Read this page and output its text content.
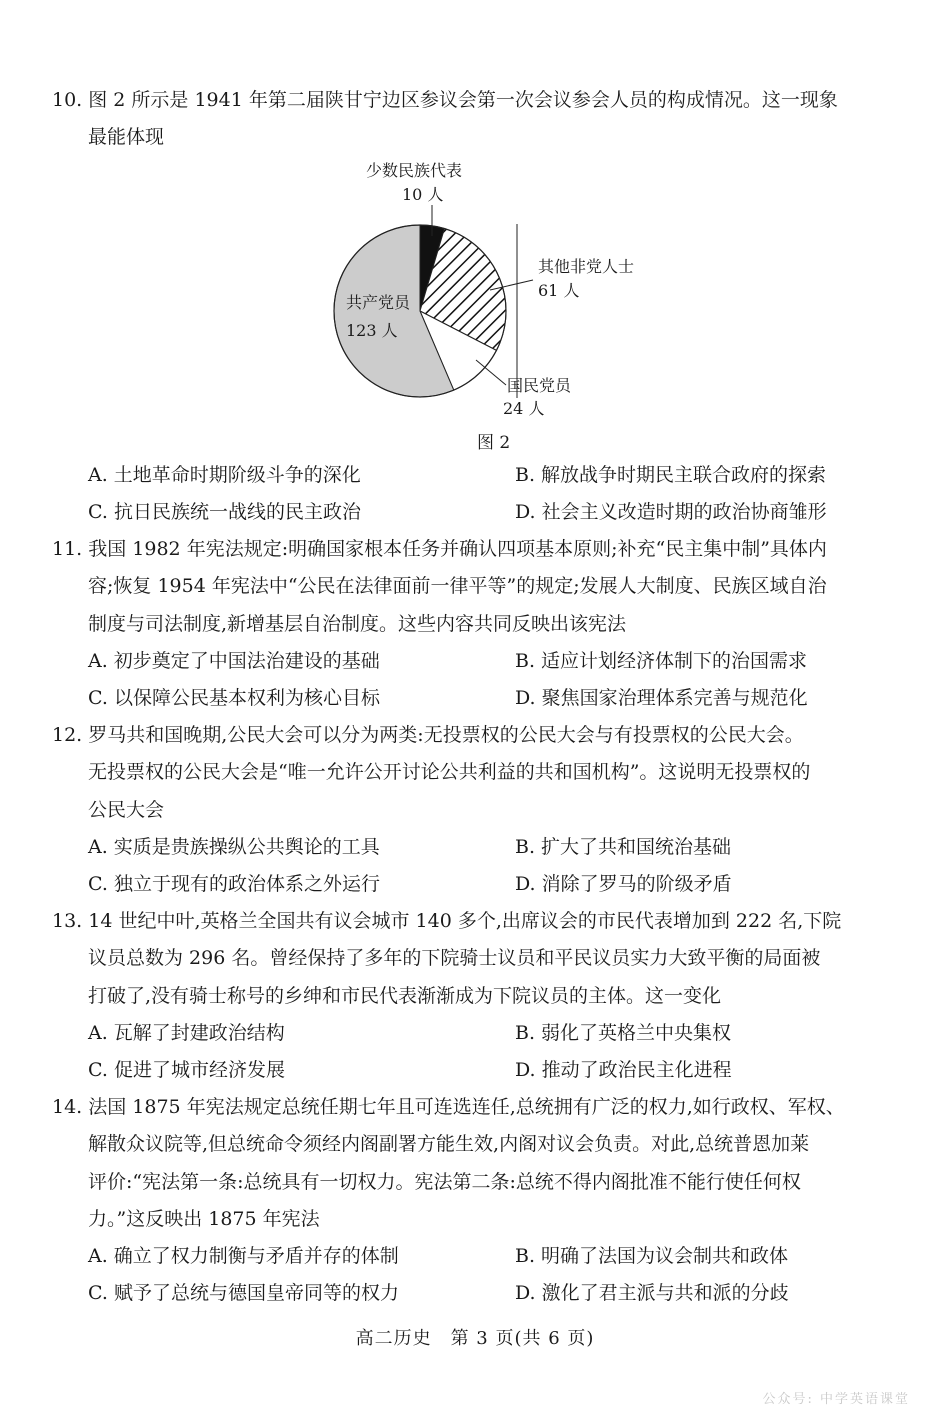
10. 图 2 所示是 1941 年第二届陕甘宁边区参议会第一次会议参会人员的构成情况。这一现象
最能体现
少数民族代表
10 人
其他非党人士
61 人
国民党员
24 人
共产党员
123 人
图 2
A. 土地革命时期阶级斗争的深化	B. 解放战争时期民主联合政府的探索
C. 抗日民族统一战线的民主政治	D. 社会主义改造时期的政治协商雏形
11. 我国 1982 年宪法规定:明确国家根本任务并确认四项基本原则;补充“民主集中制”具体内
容;恢复 1954 年宪法中“公民在法律面前一律平等”的规定;发展人大制度、民族区域自治
制度与司法制度,新增基层自治制度。这些内容共同反映出该宪法
A. 初步奠定了中国法治建设的基础	B. 适应计划经济体制下的治国需求
C. 以保障公民基本权利为核心目标	D. 聚焦国家治理体系完善与规范化
12. 罗马共和国晚期,公民大会可以分为两类:无投票权的公民大会与有投票权的公民大会。
无投票权的公民大会是“唯一允许公开讨论公共利益的共和国机构”。这说明无投票权的
公民大会
A. 实质是贵族操纵公共舆论的工具	B. 扩大了共和国统治基础
C. 独立于现有的政治体系之外运行	D. 消除了罗马的阶级矛盾
13. 14 世纪中叶,英格兰全国共有议会城市 140 多个,出席议会的市民代表增加到 222 名,下院
议员总数为 296 名。曾经保持了多年的下院骑士议员和平民议员实力大致平衡的局面被
打破了,没有骑士称号的乡绅和市民代表渐渐成为下院议员的主体。这一变化
A. 瓦解了封建政治结构	B. 弱化了英格兰中央集权
C. 促进了城市经济发展	D. 推动了政治民主化进程
14. 法国 1875 年宪法规定总统任期七年且可连选连任,总统拥有广泛的权力,如行政权、军权、
解散众议院等,但总统命令须经内阁副署方能生效,内阁对议会负责。对此,总统普恩加莱
评价:“宪法第一条:总统具有一切权力。宪法第二条:总统不得内阁批准不能行使任何权
力。”这反映出 1875 年宪法
A. 确立了权力制衡与矛盾并存的体制	B. 明确了法国为议会制共和政体
C. 赋予了总统与德国皇帝同等的权力	D. 激化了君主派与共和派的分歧
高二历史　第 3 页(共 6 页)
公众号: 中学英语课堂
